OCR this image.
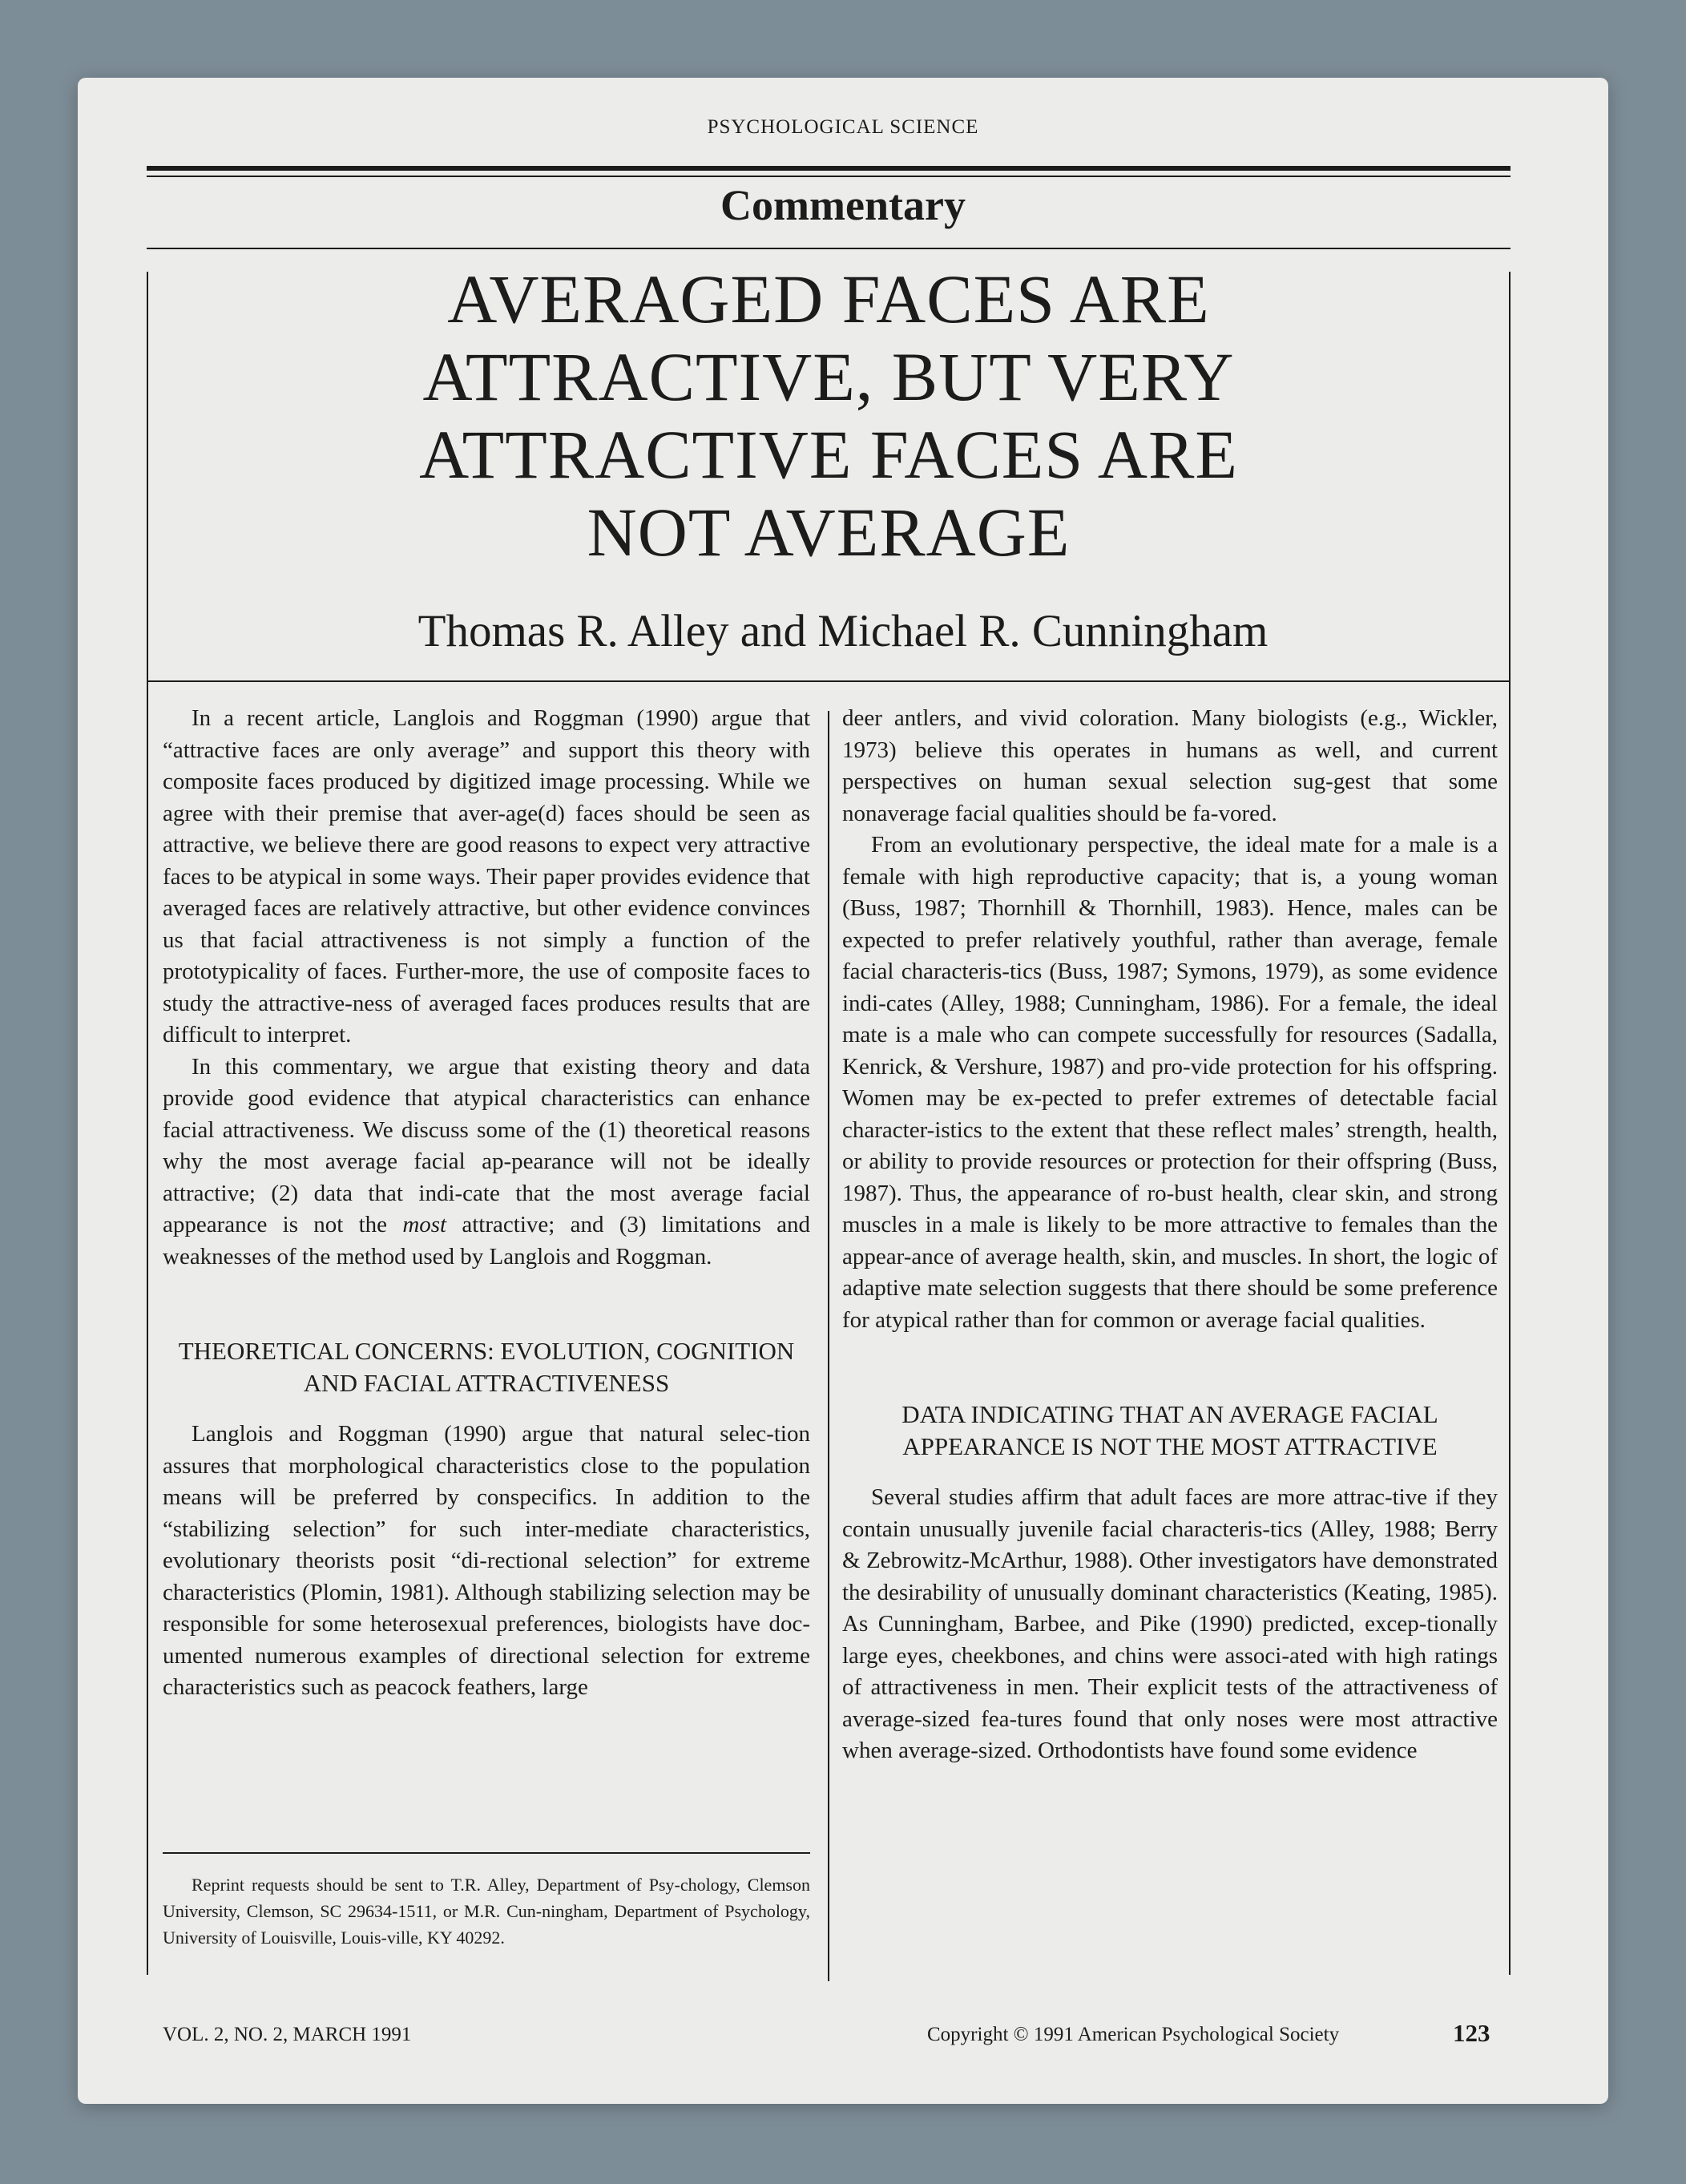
PSYCHOLOGICAL SCIENCE
Commentary
AVERAGED FACES ARE
ATTRACTIVE, BUT VERY
ATTRACTIVE FACES ARE
NOT AVERAGE
Thomas R. Alley and Michael R. Cunningham

In a recent article, Langlois and Roggman (1990) argue that “attractive faces are only average” and support this theory with composite faces produced by digitized image processing. While we agree with their premise that aver-age(d) faces should be seen as attractive, we believe there are good reasons to expect very attractive faces to be atypical in some ways. Their paper provides evidence that averaged faces are relatively attractive, but other evidence convinces us that facial attractiveness is not simply a function of the prototypicality of faces. Further-more, the use of composite faces to study the attractive-ness of averaged faces produces results that are difficult to interpret.

In this commentary, we argue that existing theory and data provide good evidence that atypical characteristics can enhance facial attractiveness. We discuss some of the (1) theoretical reasons why the most average facial ap-pearance will not be ideally attractive; (2) data that indi-cate that the most average facial appearance is not the most attractive; and (3) limitations and weaknesses of the method used by Langlois and Roggman.

THEORETICAL CONCERNS: EVOLUTION, COGNITION AND FACIAL ATTRACTIVENESS

Langlois and Roggman (1990) argue that natural selec-tion assures that morphological characteristics close to the population means will be preferred by conspecifics. In addition to the “stabilizing selection” for such inter-mediate characteristics, evolutionary theorists posit “di-rectional selection” for extreme characteristics (Plomin, 1981). Although stabilizing selection may be responsible for some heterosexual preferences, biologists have doc-umented numerous examples of directional selection for extreme characteristics such as peacock feathers, large

Reprint requests should be sent to T.R. Alley, Department of Psy-chology, Clemson University, Clemson, SC 29634-1511, or M.R. Cun-ningham, Department of Psychology, University of Louisville, Louis-ville, KY 40292.

deer antlers, and vivid coloration. Many biologists (e.g., Wickler, 1973) believe this operates in humans as well, and current perspectives on human sexual selection sug-gest that some nonaverage facial qualities should be fa-vored.

From an evolutionary perspective, the ideal mate for a male is a female with high reproductive capacity; that is, a young woman (Buss, 1987; Thornhill & Thornhill, 1983). Hence, males can be expected to prefer relatively youthful, rather than average, female facial characteris-tics (Buss, 1987; Symons, 1979), as some evidence indi-cates (Alley, 1988; Cunningham, 1986). For a female, the ideal mate is a male who can compete successfully for resources (Sadalla, Kenrick, & Vershure, 1987) and pro-vide protection for his offspring. Women may be ex-pected to prefer extremes of detectable facial character-istics to the extent that these reflect males’ strength, health, or ability to provide resources or protection for their offspring (Buss, 1987). Thus, the appearance of ro-bust health, clear skin, and strong muscles in a male is likely to be more attractive to females than the appear-ance of average health, skin, and muscles. In short, the logic of adaptive mate selection suggests that there should be some preference for atypical rather than for common or average facial qualities.

DATA INDICATING THAT AN AVERAGE FACIAL APPEARANCE IS NOT THE MOST ATTRACTIVE

Several studies affirm that adult faces are more attrac-tive if they contain unusually juvenile facial characteris-tics (Alley, 1988; Berry & Zebrowitz-McArthur, 1988). Other investigators have demonstrated the desirability of unusually dominant characteristics (Keating, 1985). As Cunningham, Barbee, and Pike (1990) predicted, excep-tionally large eyes, cheekbones, and chins were associ-ated with high ratings of attractiveness in men. Their explicit tests of the attractiveness of average-sized fea-tures found that only noses were most attractive when average-sized. Orthodontists have found some evidence

VOL. 2, NO. 2, MARCH 1991	Copyright © 1991 American Psychological Society	123
